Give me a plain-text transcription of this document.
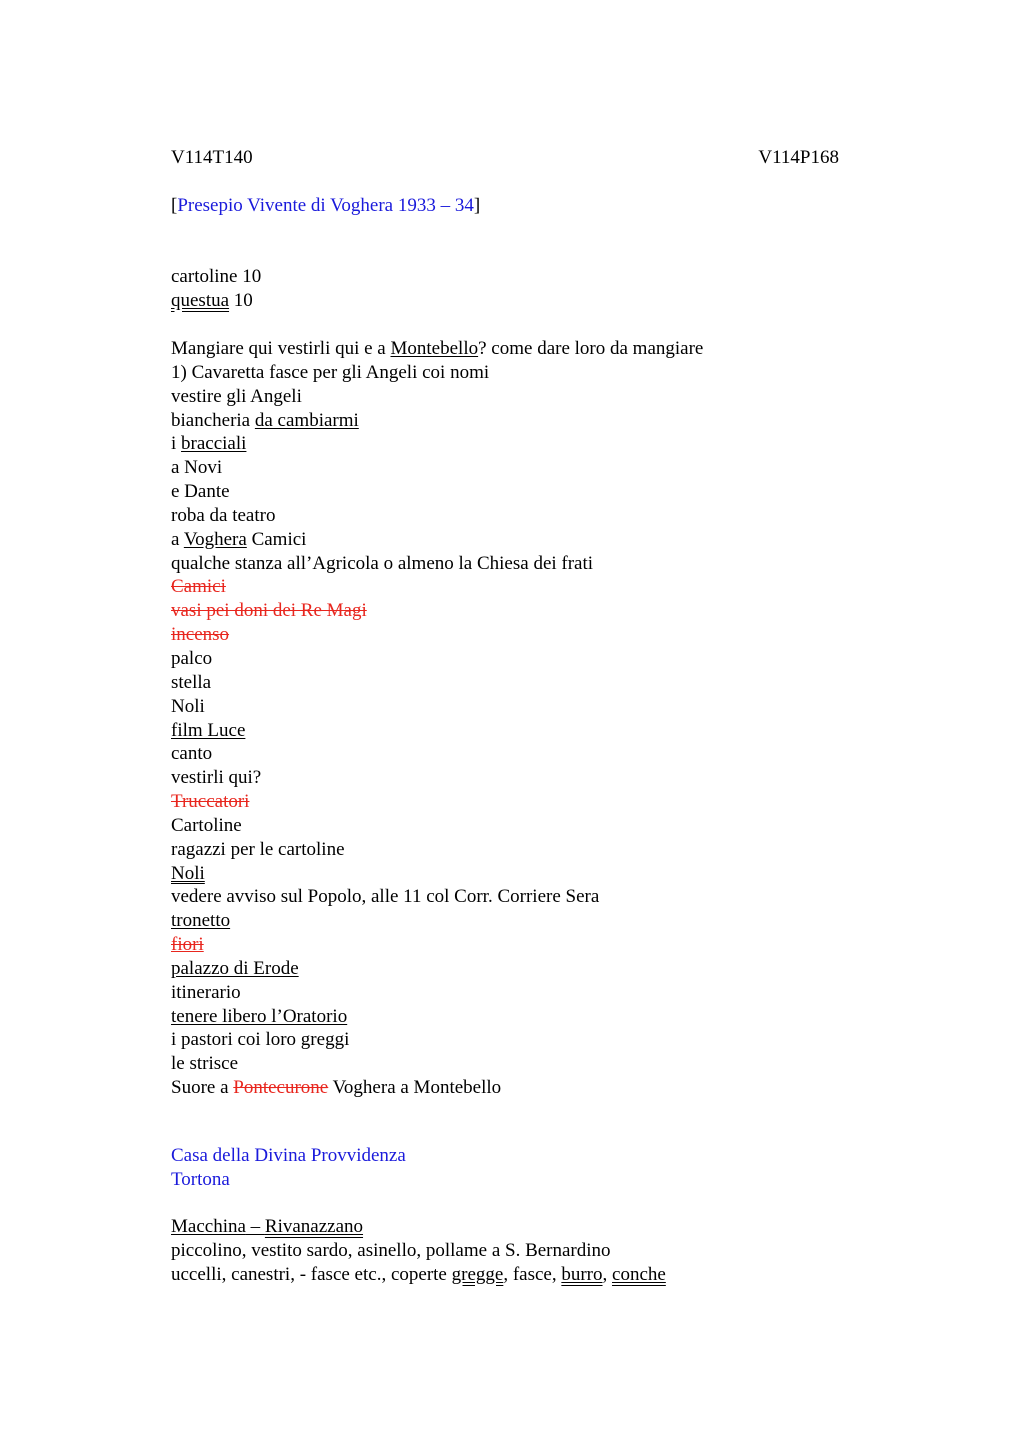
V114T140	V114P168
[Presepio Vivente di Voghera 1933 – 34]
cartoline 10
questua 10
Mangiare qui vestirli qui e a Montebello? come dare loro da mangiare
1) Cavaretta fasce per gli Angeli coi nomi
vestire gli Angeli
biancheria da cambiarmi
i bracciali
a Novi
e Dante
roba da teatro
a Voghera Camici
qualche stanza all’Agricola o almeno la Chiesa dei frati
Camici
vasi pei doni dei Re Magi
incenso
palco
stella
Noli
film Luce
canto
vestirli qui?
Truccatori
Cartoline
ragazzi per le cartoline
Noli
vedere avviso sul Popolo, alle 11 col Corr. Corriere Sera
tronetto
fiori
palazzo di Erode
itinerario
tenere libero l’Oratorio
i pastori coi loro greggi
le strisce
Suore a Pontecurone Voghera a Montebello
Casa della Divina Provvidenza
Tortona
Macchina – Rivanazzano
piccolino, vestito sardo, asinello, pollame a S. Bernardino
uccelli, canestri, - fasce etc., coperte gregge, fasce, burro, conche
